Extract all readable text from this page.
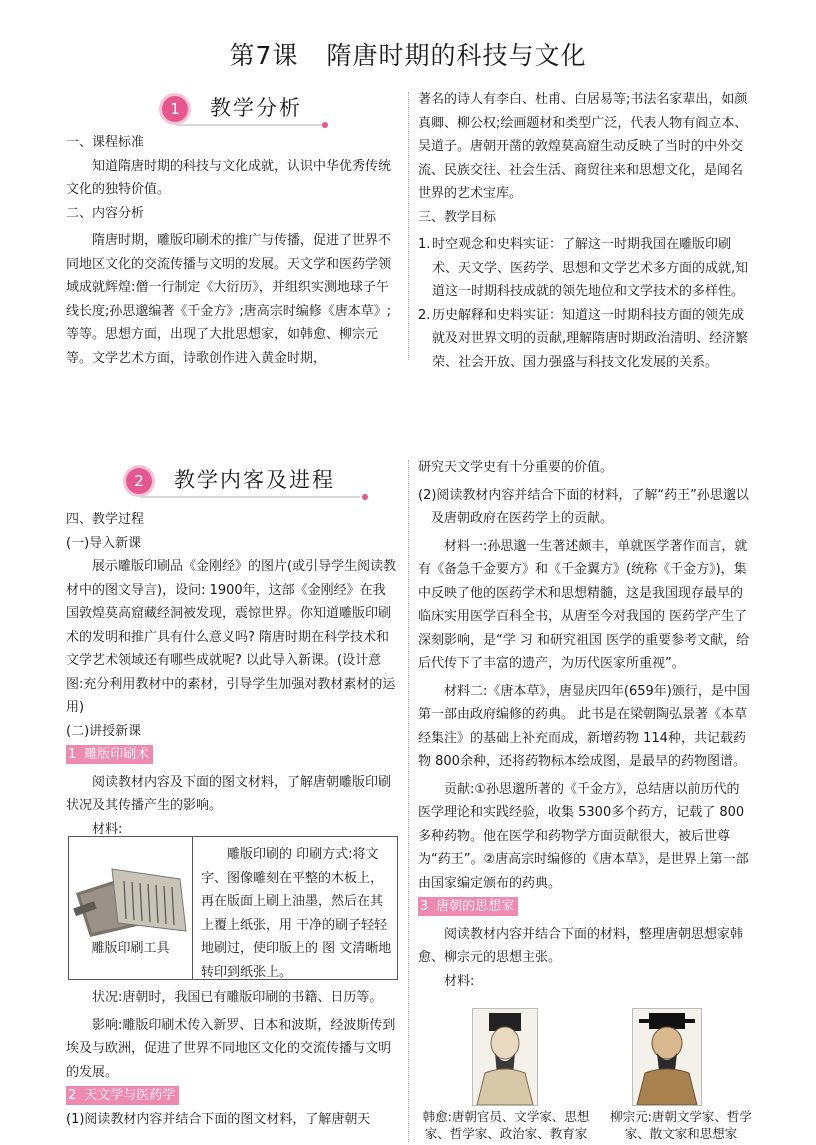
第7课 隋唐时期的科技与文化
1	教学分析

一、课程标准

知道隋唐时期的科技与文化成就，认识中华优秀传统文化的独特价值。

二、内容分析

隋唐时期，雕版印刷术的推广与传播，促进了世界不同地区文化的交流传播与文明的发展。天文学和医药学领域成就辉煌:僧一行制定《大衍历》，并组织实测地球子午线长度;孙思邈编著《千金方》;唐高宗时编修《唐本草》;等等。思想方面，出现了大批思想家，如韩愈、柳宗元等。文学艺术方面，诗歌创作进入黄金时期，

著名的诗人有李白、杜甫、白居易等;书法名家辈出，如颜真卿、柳公权;绘画题材和类型广泛，代表人物有阎立本、吴道子。唐朝开凿的敦煌莫高窟生动反映了当时的中外交流、民族交往、社会生活、商贸往来和思想文化，是闻名世界的艺术宝库。

三、教学目标

1. 时空观念和史料实证：了解这一时期我国在雕版印刷术、天文学、医药学、思想和文学艺术多方面的成就,知道这一时期科技成就的领先地位和文学技术的多样性。
2. 历史解释和史料实证：知道这一时期科技方面的领先成就及对世界文明的贡献,理解隋唐时期政治清明、经济繁荣、社会开放、国力强盛与科技文化发展的关系。
2	教学内客及进程

四、教学过程

(一)导入新课

展示雕版印刷品《金刚经》的图片(或引导学生阅读教材中的图文导言)，设问: 1900年，这部《金刚经》在我国敦煌莫高窟藏经洞被发现，震惊世界。你知道雕版印刷术的发明和推广具有什么意义吗? 隋唐时期在科学技术和文学艺术领域还有哪些成就呢? 以此导入新课。(设计意图:充分利用教材中的素材，引导学生加强对教材素材的运用)

(二)讲授新课

1 雕版印刷术

阅读教材内容及下面的图文材料，了解唐朝雕版印刷状况及其传播产生的影响。

材料:

雕版印刷工具
雕版印刷的 印刷方式:将文字、图像雕刻在平整的木板上，再在版面上刷上油墨，然后在其上覆上纸张，用 干净的刷子轻轻地刷过，使印版上的 图 文清晰地转印到纸张上。

状况:唐朝时，我国已有雕版印刷的书籍、日历等。

影响:雕版印刷术传入新罗、日本和波斯，经波斯传到埃及与欧洲，促进了世界不同地区文化的交流传播与文明的发展。

2 天文学与医药学

(1)阅读教材内容并结合下面的图文材料，了解唐朝天

研究天文学史有十分重要的价值。

(2)阅读教材内容并结合下面的材料，了解“药王”孙思邈以及唐朝政府在医药学上的贡献。

材料一:孙思邈一生著述颇丰，单就医学著作而言，就有《备急千金要方》和《千金翼方》(统称《千金方》)，集中反映了他的医药学术和思想精髓，这是我国现存最早的临床实用医学百科全书，从唐至今对我国的 医药学产生了深刻影响，是“学 习 和研究祖国 医学的重要参考文献，给后代传下了丰富的遗产，为历代医家所重视”。

材料二:《唐本草》，唐显庆四年(659年)颁行，是中国第一部由政府编修的药典。 此书是在梁朝陶弘景著《本草经集注》的基础上补充而成，新增药物 114种，共记载药物 800余种，还将药物标本绘成图，是最早的药物图谱。

贡献:①孙思邈所著的《千金方》，总结唐以前历代的医学理论和实践经验，收集 5300多个药方，记载了 800多种药物。他在医学和药物学方面贡献很大，被后世尊为“药王”。②唐高宗时编修的《唐本草》，是世界上第一部由国家编定颁布的药典。

3 唐朝的思想家

阅读教材内容并结合下面的材料，整理唐朝思想家韩愈、柳宗元的思想主张。

材料:

韩愈:唐朝官员、文学家、思想家、哲学家、政治家、教育家
柳宗元:唐朝文学家、哲学家、散文家和思想家
